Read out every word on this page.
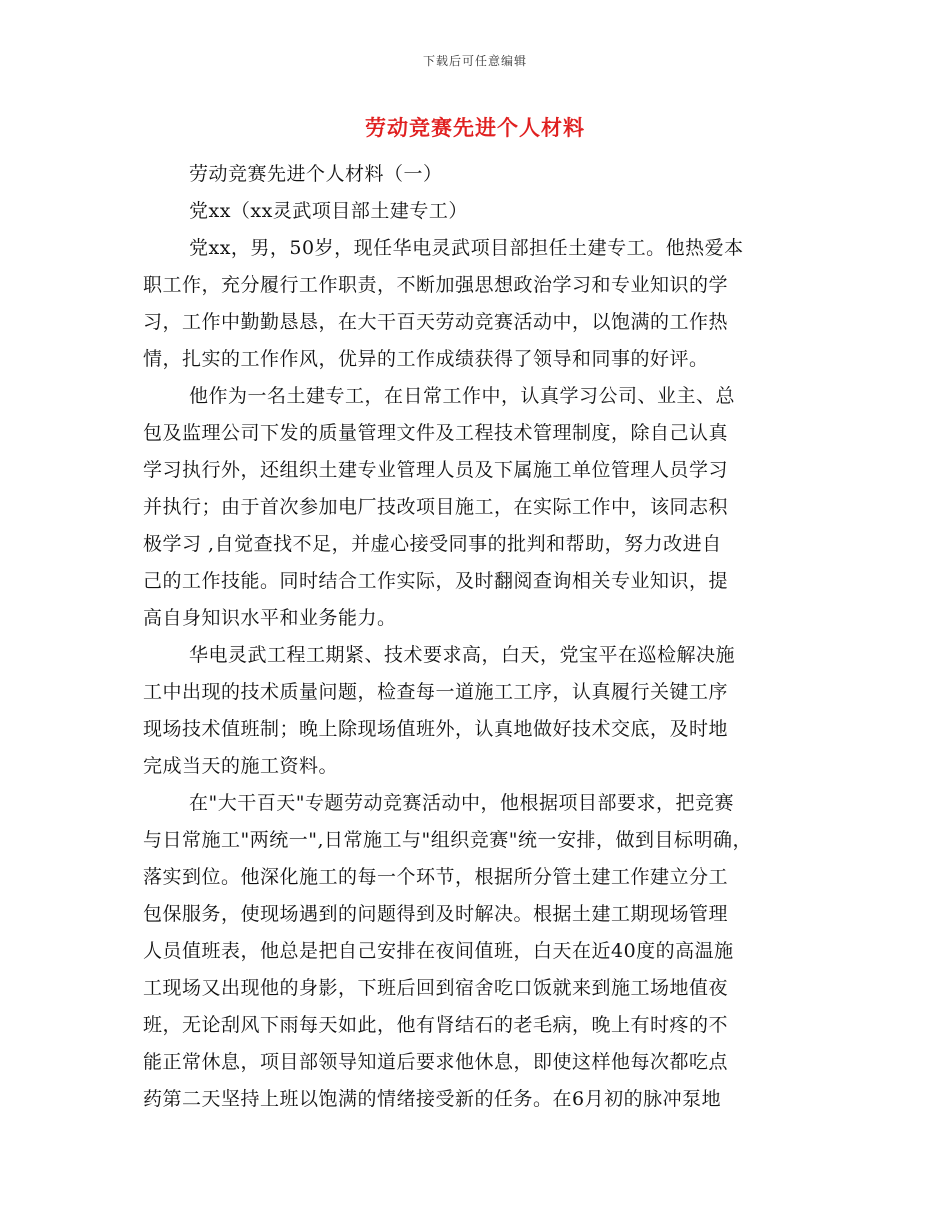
下载后可任意编辑
劳动竞赛先进个人材料
劳动竞赛先进个人材料（一）
党xx（xx灵武项目部土建专工）

党xx，男，50岁，现任华电灵武项目部担任土建专工。他热爱本
职工作，充分履行工作职责，不断加强思想政治学习和专业知识的学
习，工作中勤勤恳恳，在大干百天劳动竞赛活动中，以饱满的工作热
情，扎实的工作作风，优异的工作成绩获得了领导和同事的好评。

他作为一名土建专工，在日常工作中，认真学习公司、业主、总
包及监理公司下发的质量管理文件及工程技术管理制度，除自己认真
学习执行外，还组织土建专业管理人员及下属施工单位管理人员学习
并执行；由于首次参加电厂技改项目施工，在实际工作中，该同志积
极学习 ,自觉查找不足，并虚心接受同事的批判和帮助，努力改进自
己的工作技能。同时结合工作实际，及时翻阅查询相关专业知识，提
高自身知识水平和业务能力。

华电灵武工程工期紧、技术要求高，白天，党宝平在巡检解决施
工中出现的技术质量问题，检查每一道施工工序，认真履行关键工序
现场技术值班制；晚上除现场值班外，认真地做好技术交底，及时地
完成当天的施工资料。

在"大干百天"专题劳动竞赛活动中，他根据项目部要求，把竞赛
与日常施工"两统一",日常施工与"组织竞赛"统一安排，做到目标明确，
落实到位。他深化施工的每一个环节，根据所分管土建工作建立分工
包保服务，使现场遇到的问题得到及时解决。根据土建工期现场管理
人员值班表，他总是把自己安排在夜间值班，白天在近40度的高温施
工现场又出现他的身影，下班后回到宿舍吃口饭就来到施工场地值夜
班，无论刮风下雨每天如此，他有肾结石的老毛病，晚上有时疼的不
能正常休息，项目部领导知道后要求他休息，即使这样他每次都吃点
药第二天坚持上班以饱满的情绪接受新的任务。在6月初的脉冲泵地
